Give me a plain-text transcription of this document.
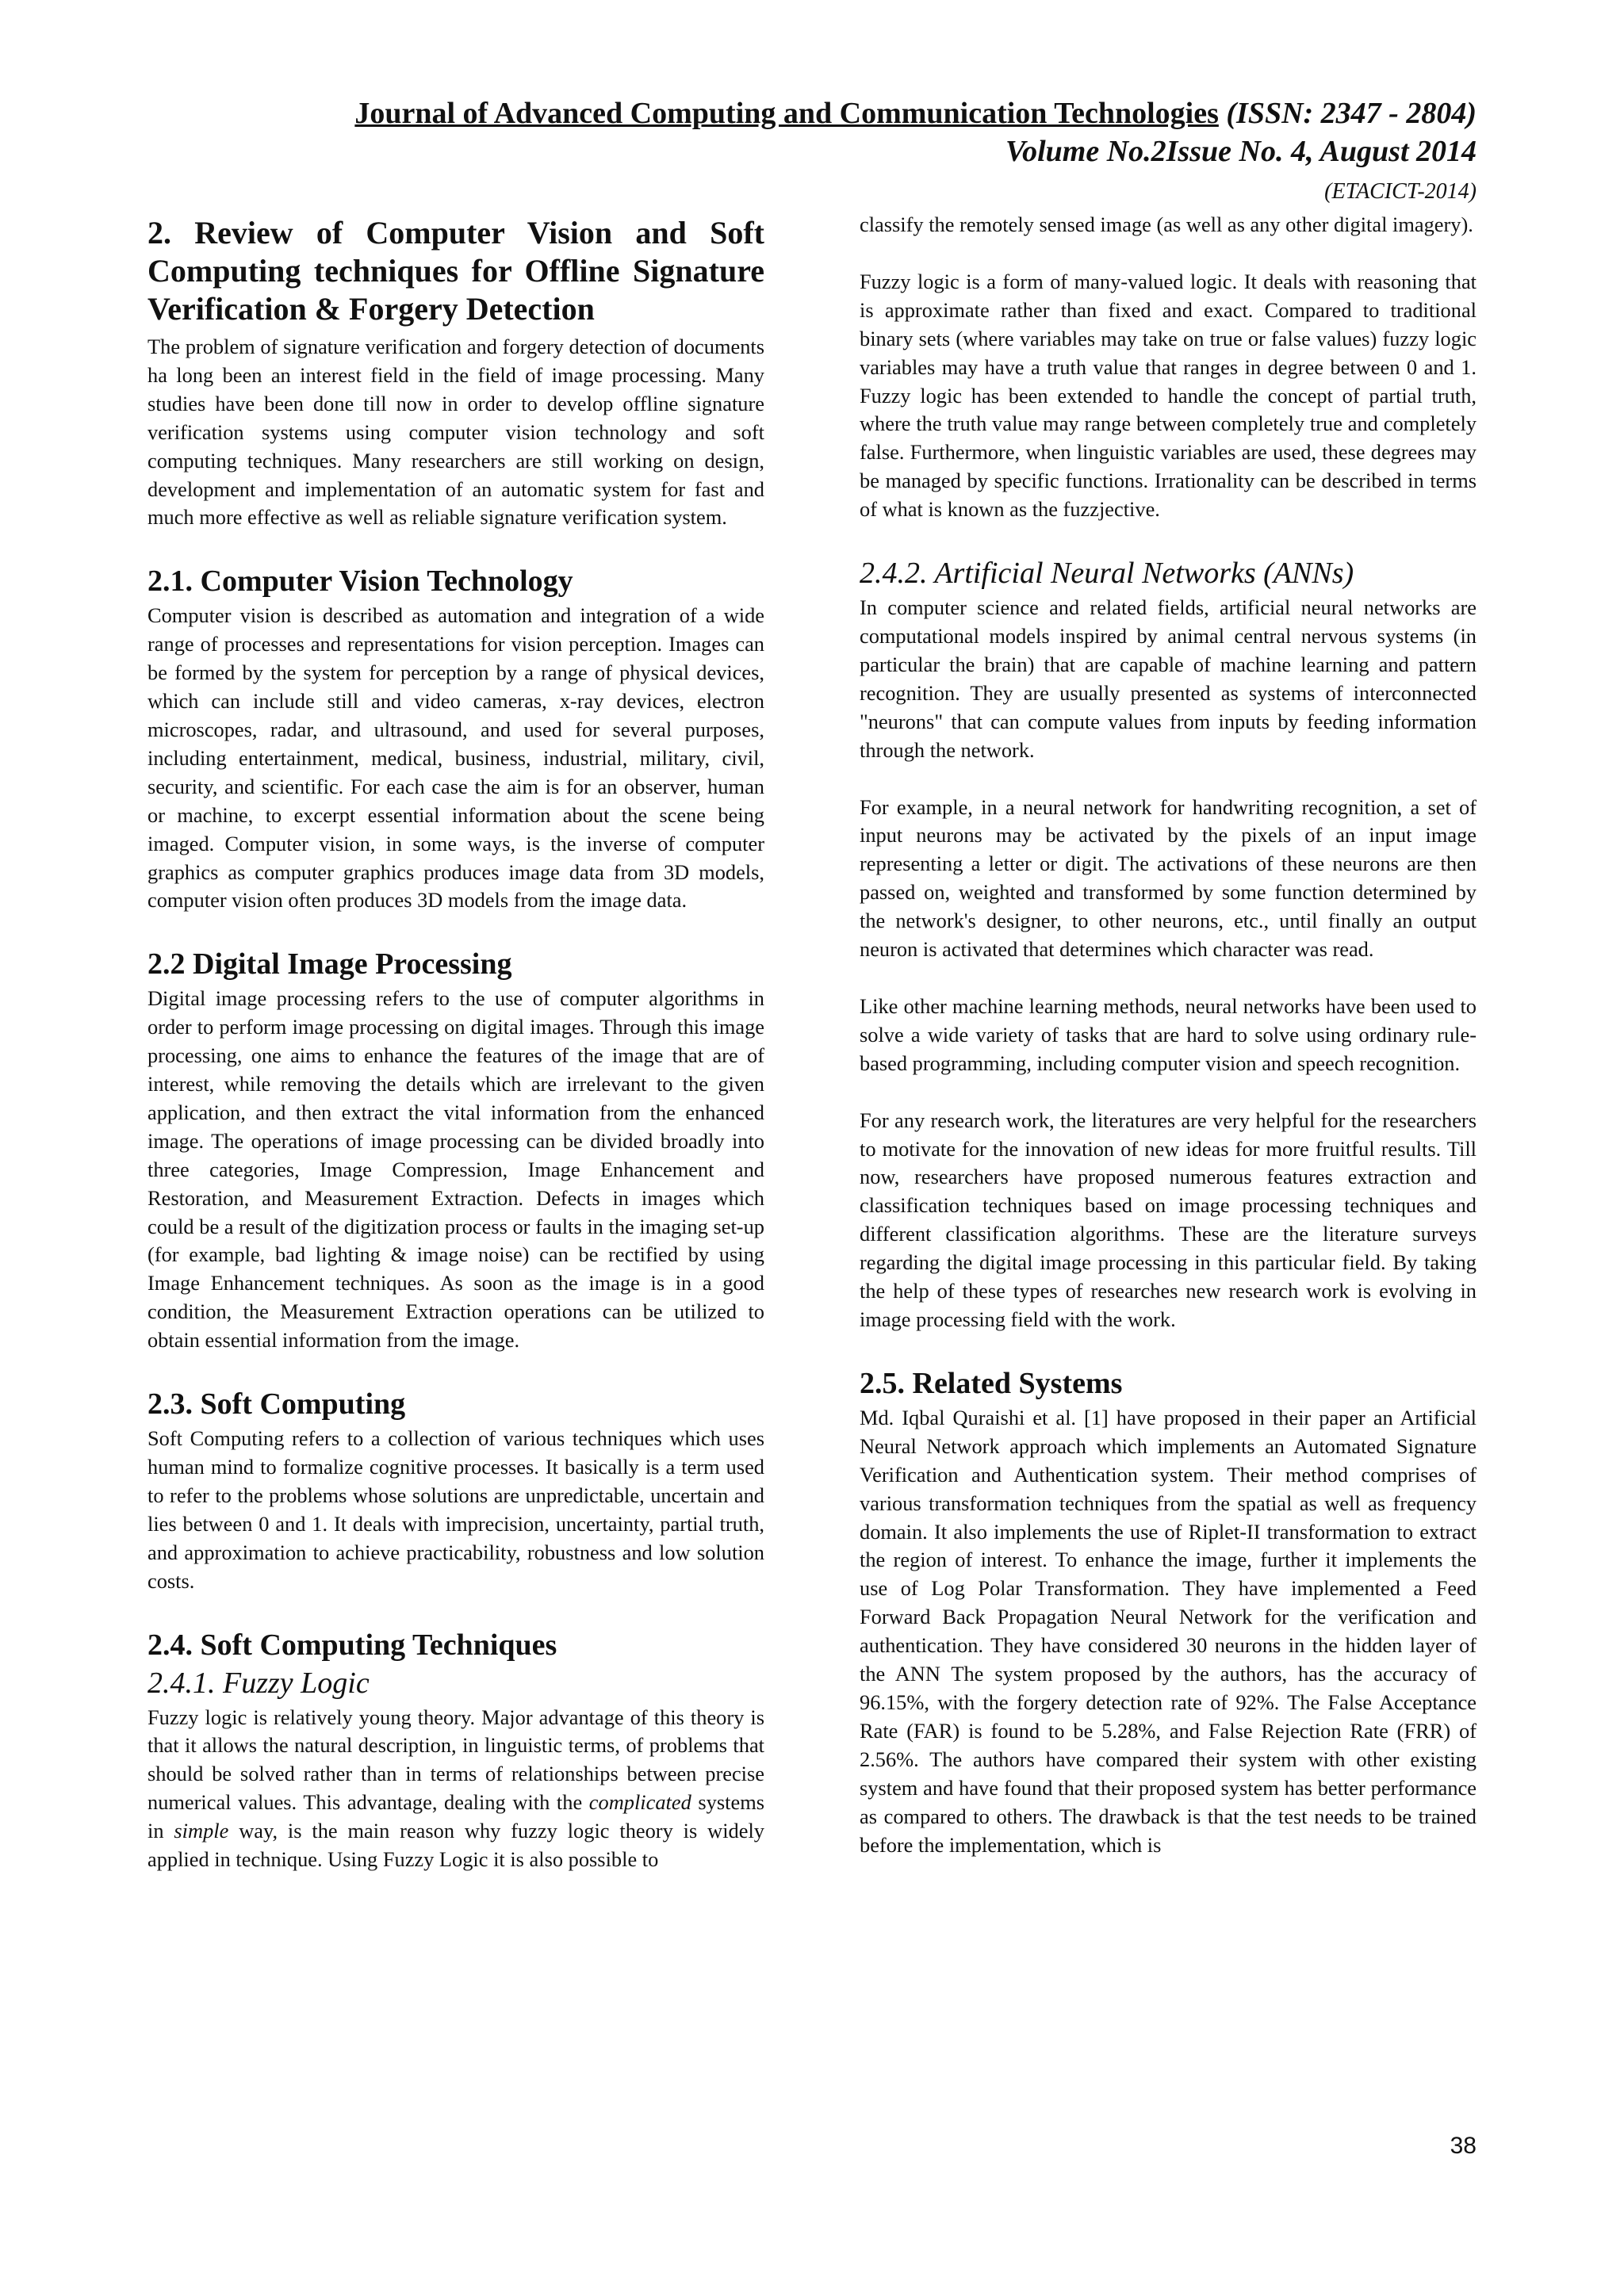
Journal of Advanced Computing and Communication Technologies (ISSN: 2347 - 2804)
Volume No.2Issue No. 4, August 2014
(ETACICT-2014)
2. Review of Computer Vision and Soft Computing techniques for Offline Signature Verification & Forgery Detection

The problem of signature verification and forgery detection of documents ha long been an interest field in the field of image processing. Many studies have been done till now in order to develop offline signature verification systems using computer vision technology and soft computing techniques. Many researchers are still working on design, development and implementation of an automatic system for fast and much more effective as well as reliable signature verification system.

2.1. Computer Vision Technology

Computer vision is described as automation and integration of a wide range of processes and representations for vision perception. Images can be formed by the system for perception by a range of physical devices, which can include still and video cameras, x-ray devices, electron microscopes, radar, and ultrasound, and used for several purposes, including entertainment, medical, business, industrial, military, civil, security, and scientific. For each case the aim is for an observer, human or machine, to excerpt essential information about the scene being imaged. Computer vision, in some ways, is the inverse of computer graphics as computer graphics produces image data from 3D models, computer vision often produces 3D models from the image data.

2.2 Digital Image Processing

Digital image processing refers to the use of computer algorithms in order to perform image processing on digital images. Through this image processing, one aims to enhance the features of the image that are of interest, while removing the details which are irrelevant to the given application, and then extract the vital information from the enhanced image. The operations of image processing can be divided broadly into three categories, Image Compression, Image Enhancement and Restoration, and Measurement Extraction. Defects in images which could be a result of the digitization process or faults in the imaging set-up (for example, bad lighting & image noise) can be rectified by using Image Enhancement techniques. As soon as the image is in a good condition, the Measurement Extraction operations can be utilized to obtain essential information from the image.

2.3. Soft Computing

Soft Computing refers to a collection of various techniques which uses human mind to formalize cognitive processes. It basically is a term used to refer to the problems whose solutions are unpredictable, uncertain and lies between 0 and 1. It deals with imprecision, uncertainty, partial truth, and approximation to achieve practicability, robustness and low solution costs.

2.4. Soft Computing Techniques
2.4.1. Fuzzy Logic

Fuzzy logic is relatively young theory. Major advantage of this theory is that it allows the natural description, in linguistic terms, of problems that should be solved rather than in terms of relationships between precise numerical values. This advantage, dealing with the complicated systems in simple way, is the main reason why fuzzy logic theory is widely applied in technique. Using Fuzzy Logic it is also possible to

classify the remotely sensed image (as well as any other digital imagery).

Fuzzy logic is a form of many-valued logic. It deals with reasoning that is approximate rather than fixed and exact. Compared to traditional binary sets (where variables may take on true or false values) fuzzy logic variables may have a truth value that ranges in degree between 0 and 1. Fuzzy logic has been extended to handle the concept of partial truth, where the truth value may range between completely true and completely false. Furthermore, when linguistic variables are used, these degrees may be managed by specific functions. Irrationality can be described in terms of what is known as the fuzzjective.

2.4.2. Artificial Neural Networks (ANNs)

In computer science and related fields, artificial neural networks are computational models inspired by animal central nervous systems (in particular the brain) that are capable of machine learning and pattern recognition. They are usually presented as systems of interconnected "neurons" that can compute values from inputs by feeding information through the network.

For example, in a neural network for handwriting recognition, a set of input neurons may be activated by the pixels of an input image representing a letter or digit. The activations of these neurons are then passed on, weighted and transformed by some function determined by the network's designer, to other neurons, etc., until finally an output neuron is activated that determines which character was read.

Like other machine learning methods, neural networks have been used to solve a wide variety of tasks that are hard to solve using ordinary rule-based programming, including computer vision and speech recognition.

For any research work, the literatures are very helpful for the researchers to motivate for the innovation of new ideas for more fruitful results. Till now, researchers have proposed numerous features extraction and classification techniques based on image processing techniques and different classification algorithms. These are the literature surveys regarding the digital image processing in this particular field. By taking the help of these types of researches new research work is evolving in image processing field with the work.

2.5. Related Systems

Md. Iqbal Quraishi et al. [1] have proposed in their paper an Artificial Neural Network approach which implements an Automated Signature Verification and Authentication system. Their method comprises of various transformation techniques from the spatial as well as frequency domain. It also implements the use of Riplet-II transformation to extract the region of interest. To enhance the image, further it implements the use of Log Polar Transformation. They have implemented a Feed Forward Back Propagation Neural Network for the verification and authentication. They have considered 30 neurons in the hidden layer of the ANN The system proposed by the authors, has the accuracy of 96.15%, with the forgery detection rate of 92%. The False Acceptance Rate (FAR) is found to be 5.28%, and False Rejection Rate (FRR) of 2.56%. The authors have compared their system with other existing system and have found that their proposed system has better performance as compared to others. The drawback is that the test needs to be trained before the implementation, which is

38
